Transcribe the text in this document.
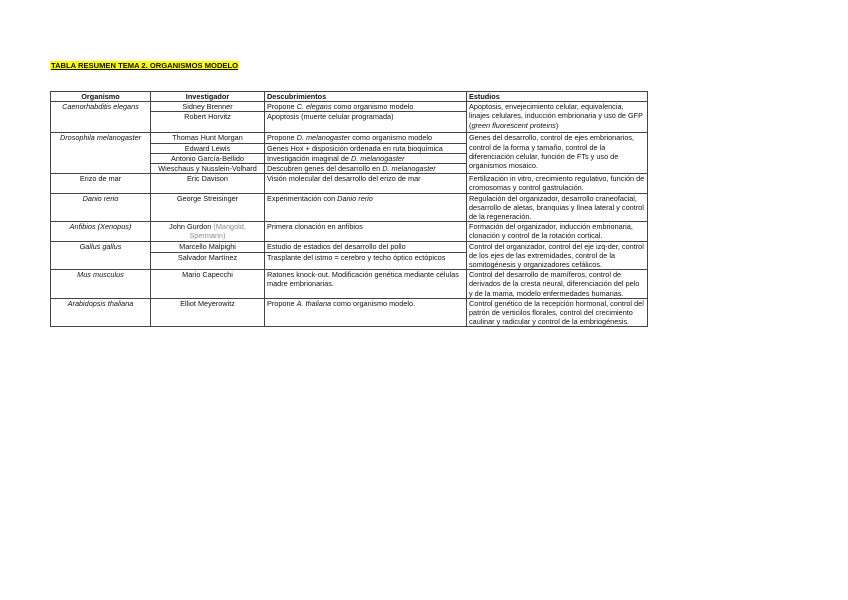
TABLA RESUMEN TEMA 2. ORGANISMOS MODELO
Organismo	Investigador	Descubrimientos	Estudios
Caenorhabditis elegans	Sidney Brenner	Propone C. elegans como organismo modelo	Apoptosis, envejecimiento celular, equivalencia, linajes celulares, inducción embrionaria y uso de GFP (green fluorescent proteins)
	Robert Horvitz	Apoptosis (muerte celular programada)	
Drosophila melanogaster	Thomas Hunt Morgan	Propone D. melanogaster como organismo modelo	Genes del desarrollo, control de ejes embrionarios, control de la forma y tamaño, control de la diferenciación celular, función de FTs y uso de organismos mosaico.
	Edward Lewis	Genes Hox + disposición ordenada en ruta bioquímica	
	Antonio García-Bellido	Investigación imaginal de D. melanogaster	
	Wieschaus y Nusslein-Volhard	Descubren genes del desarrollo en D. melanogaster	
Erizo de mar	Eric Davison	Visión molecular del desarrollo del erizo de mar	Fertilización in vitro, crecimiento regulativo, función de cromosomas y control gastrulación.
Danio rerio	George Streisinger	Experimentación con Danio rerio	Regulación del organizador, desarrollo craneofacial, desarrollo de aletas, branquias y línea lateral y control de la regeneración.
Anfibios (Xenopus)	John Gurdon (Mangold, Spermann)	Primera clonación en anfibios	Formación del organizador, inducción embrionaria, clonación y control de la rotación cortical.
Gallus gallus	Marcello Malpighi	Estudio de estadios del desarrollo del pollo	Control del organizador, control del eje izq-der, control de los ejes de las extremidades, control de la somitogénesis y organizadores cefálicos.
	Salvador Martínez	Trasplante del istmo = cerebro y techo óptico ectópicos	
Mus musculus	Mario Capecchi	Ratones knock-out. Modificación genética mediante células madre embrionarias.	Control del desarrollo de mamíferos, control de derivados de la cresta neural, diferenciación del pelo y de la mama, modelo enfermedades humanas.
Arabidopsis thaliana	Elliot Meyerowitz	Propone A. thaliana como organismo modelo.	Control genético de la recepción hormonal, control del patrón de verticilos florales, control del crecimiento caulinar y radicular y control de la embriogénesis.
